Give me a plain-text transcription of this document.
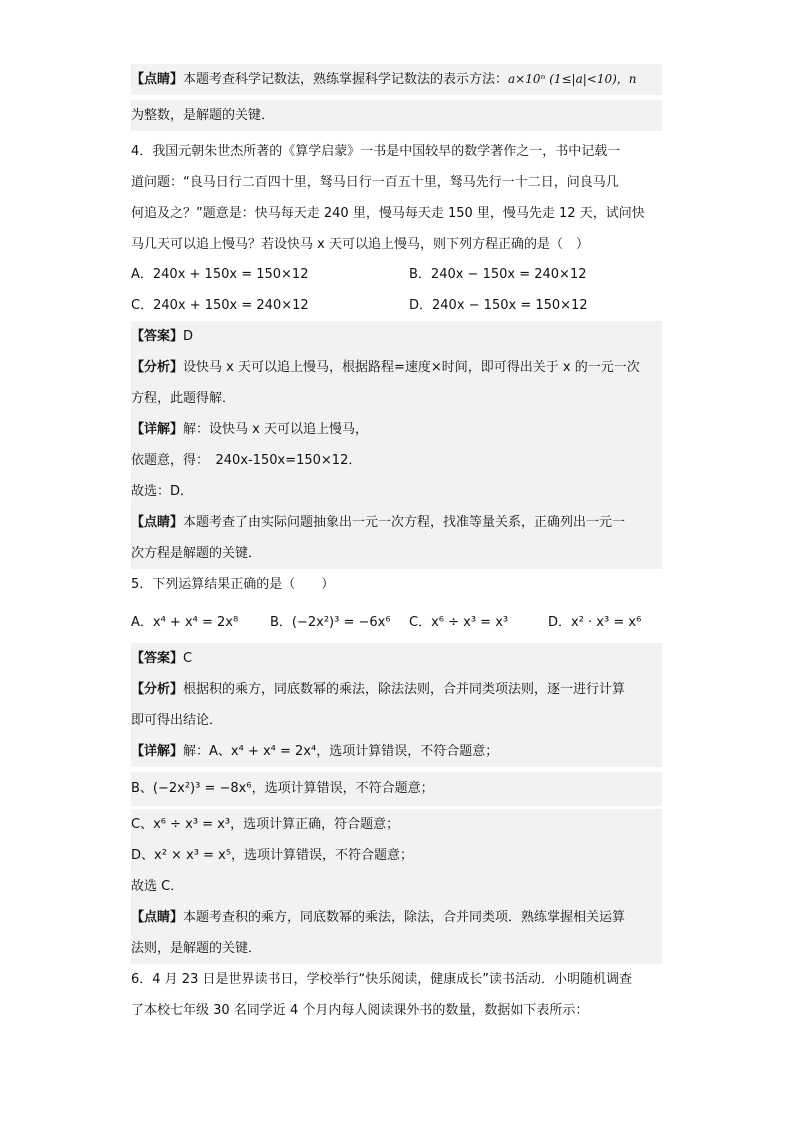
【点睛】本题考查科学记数法，熟练掌握科学记数法的表示方法：a×10ⁿ (1≤|a|<10)，n
为整数，是解题的关键．
4．我国元朝朱世杰所著的《算学启蒙》一书是中国较早的数学著作之一，书中记载一
道问题：“良马日行二百四十里，驽马日行一百五十里，驽马先行一十二日，问良马几
何追及之？”题意是：快马每天走 240 里，慢马每天走 150 里，慢马先走 12 天，试问快
马几天可以追上慢马？若设快马 x 天可以追上慢马，则下列方程正确的是（　）
A．240x + 150x = 150×12	B．240x − 150x = 240×12
C．240x + 150x = 240×12	D．240x − 150x = 150×12
【答案】D
【分析】设快马 x 天可以追上慢马，根据路程=速度×时间，即可得出关于 x 的一元一次
方程，此题得解．
【详解】解：设快马 x 天可以追上慢马，
依题意，得：　240x-150x=150×12．
故选：D．
【点睛】本题考查了由实际问题抽象出一元一次方程，找准等量关系，正确列出一元一
次方程是解题的关键．
5．下列运算结果正确的是（　　）
A．x⁴ + x⁴ = 2x⁸ B．(−2x²)³ = −6x⁶ C．x⁶ ÷ x³ = x³	D．x² · x³ = x⁶
【答案】C
【分析】根据积的乘方，同底数幂的乘法，除法法则，合并同类项法则，逐一进行计算
即可得出结论．
【详解】解：A、x⁴ + x⁴ = 2x⁴，选项计算错误，不符合题意；
B、(−2x²)³ = −8x⁶，选项计算错误，不符合题意；
C、x⁶ ÷ x³ = x³，选项计算正确，符合题意；
D、x² × x³ = x⁵，选项计算错误，不符合题意；
故选 C．
【点睛】本题考查积的乘方，同底数幂的乘法，除法，合并同类项．熟练掌握相关运算
法则，是解题的关键．
6．4 月 23 日是世界读书日，学校举行“快乐阅读，健康成长”读书活动．小明随机调查
了本校七年级 30 名同学近 4 个月内每人阅读课外书的数量，数据如下表所示：
